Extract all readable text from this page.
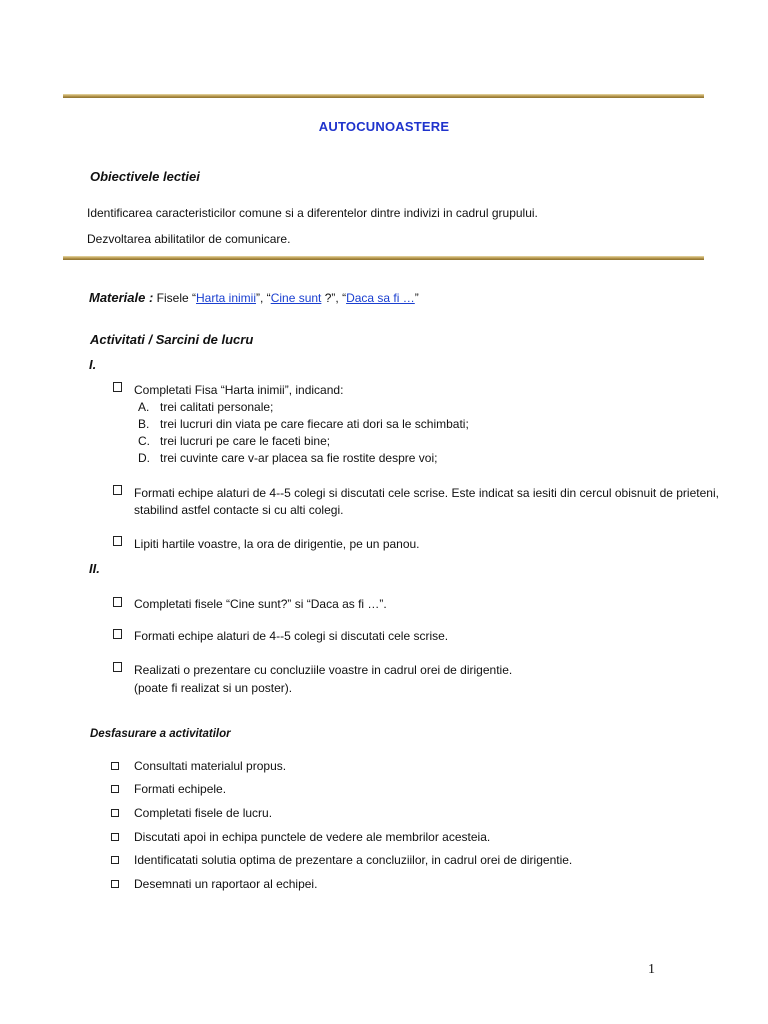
AUTOCUNOASTERE
Obiectivele lectiei
Identificarea caracteristicilor comune si a diferentelor dintre indivizi in cadrul grupului.
Dezvoltarea abilitatilor de comunicare.
Materiale : Fisele “Harta inimii”, “Cine sunt ?”, “Daca sa fi …”
Activitati / Sarcini de lucru
I.
Completati Fisa “Harta inimii”, indicand:
A. trei calitati personale;
B. trei lucruri din viata pe care fiecare ati dori sa le schimbati;
C. trei lucruri pe care le faceti bine;
D. trei cuvinte care v-ar placea sa fie rostite despre voi;
Formati echipe alaturi de 4--5 colegi si discutati cele scrise. Este indicat sa iesiti din cercul obisnuit de prieteni,
stabilind astfel contacte si cu alti colegi.
Lipiti hartile voastre, la ora de dirigentie, pe un panou.
II.
Completati fisele “Cine sunt?” si “Daca as fi …”.
Formati echipe alaturi de 4--5 colegi si discutati cele scrise.
Realizati o prezentare cu concluziile voastre in cadrul orei de dirigentie.
(poate fi realizat si un poster).
Desfasurare a activitatilor
Consultati materialul propus.
Formati echipele.
Completati fisele de lucru.
Discutati apoi in echipa punctele de vedere ale membrilor acesteia.
Identificatati solutia optima de prezentare a concluziilor, in cadrul orei de dirigentie.
Desemnati un raportaor al echipei.
1
